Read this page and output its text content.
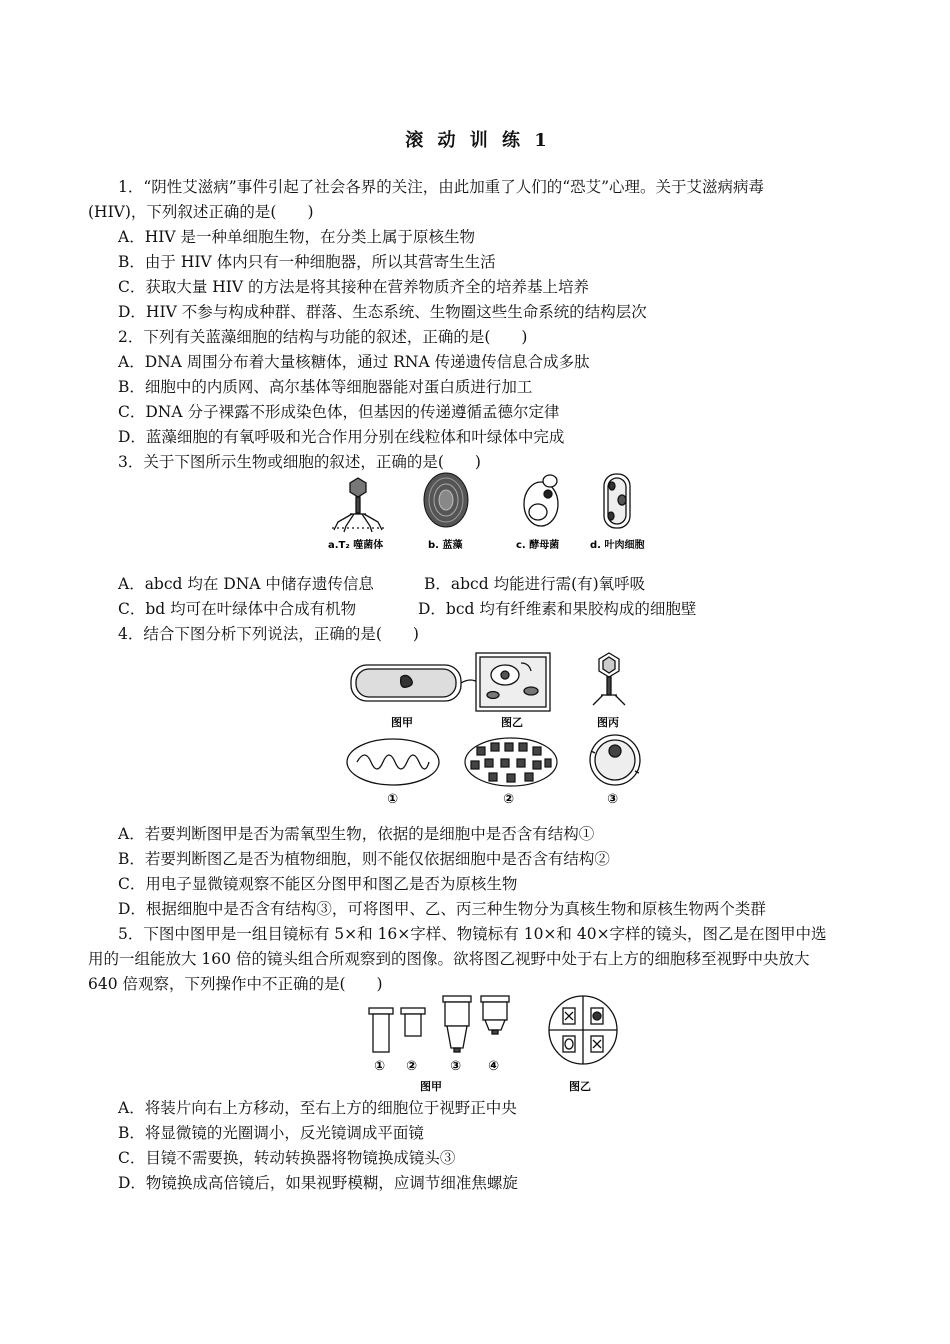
滚 动 训 练 1
1．“阴性艾滋病”事件引起了社会各界的关注，由此加重了人们的“恐艾”心理。关于艾滋病病毒
(HIV)，下列叙述正确的是(　　)
A．HIV 是一种单细胞生物，在分类上属于原核生物
B．由于 HIV 体内只有一种细胞器，所以其营寄生生活
C．获取大量 HIV 的方法是将其接种在营养物质齐全的培养基上培养
D．HIV 不参与构成种群、群落、生态系统、生物圈这些生命系统的结构层次
2．下列有关蓝藻细胞的结构与功能的叙述，正确的是(　　)
A．DNA 周围分布着大量核糖体，通过 RNA 传递遗传信息合成多肽
B．细胞中的内质网、高尔基体等细胞器能对蛋白质进行加工
C．DNA 分子裸露不形成染色体，但基因的传递遵循孟德尔定律
D．蓝藻细胞的有氧呼吸和光合作用分别在线粒体和叶绿体中完成
3．关于下图所示生物或细胞的叙述，正确的是(　　)
a.T₂ 噬菌体	b. 蓝藻	c. 酵母菌	d. 叶肉细胞
A．abcd 均在 DNA 中储存遗传信息	B．abcd 均能进行需(有)氧呼吸
C．bd 均可在叶绿体中合成有机物	D．bcd 均有纤维素和果胶构成的细胞壁
4．结合下图分析下列说法，正确的是(　　)
图甲	图乙	图丙
①	②	③
A．若要判断图甲是否为需氧型生物，依据的是细胞中是否含有结构①
B．若要判断图乙是否为植物细胞，则不能仅依据细胞中是否含有结构②
C．用电子显微镜观察不能区分图甲和图乙是否为原核生物
D．根据细胞中是否含有结构③，可将图甲、乙、丙三种生物分为真核生物和原核生物两个类群
5．下图中图甲是一组目镜标有 5×和 16×字样、物镜标有 10×和 40×字样的镜头，图乙是在图甲中选
用的一组能放大 160 倍的镜头组合所观察到的图像。欲将图乙视野中处于右上方的细胞移至视野中央放大
640 倍观察，下列操作中不正确的是(　　)
① ②	③ ④
图甲	图乙
A．将装片向右上方移动，至右上方的细胞位于视野正中央
B．将显微镜的光圈调小，反光镜调成平面镜
C．目镜不需要换，转动转换器将物镜换成镜头③
D．物镜换成高倍镜后，如果视野模糊，应调节细准焦螺旋
